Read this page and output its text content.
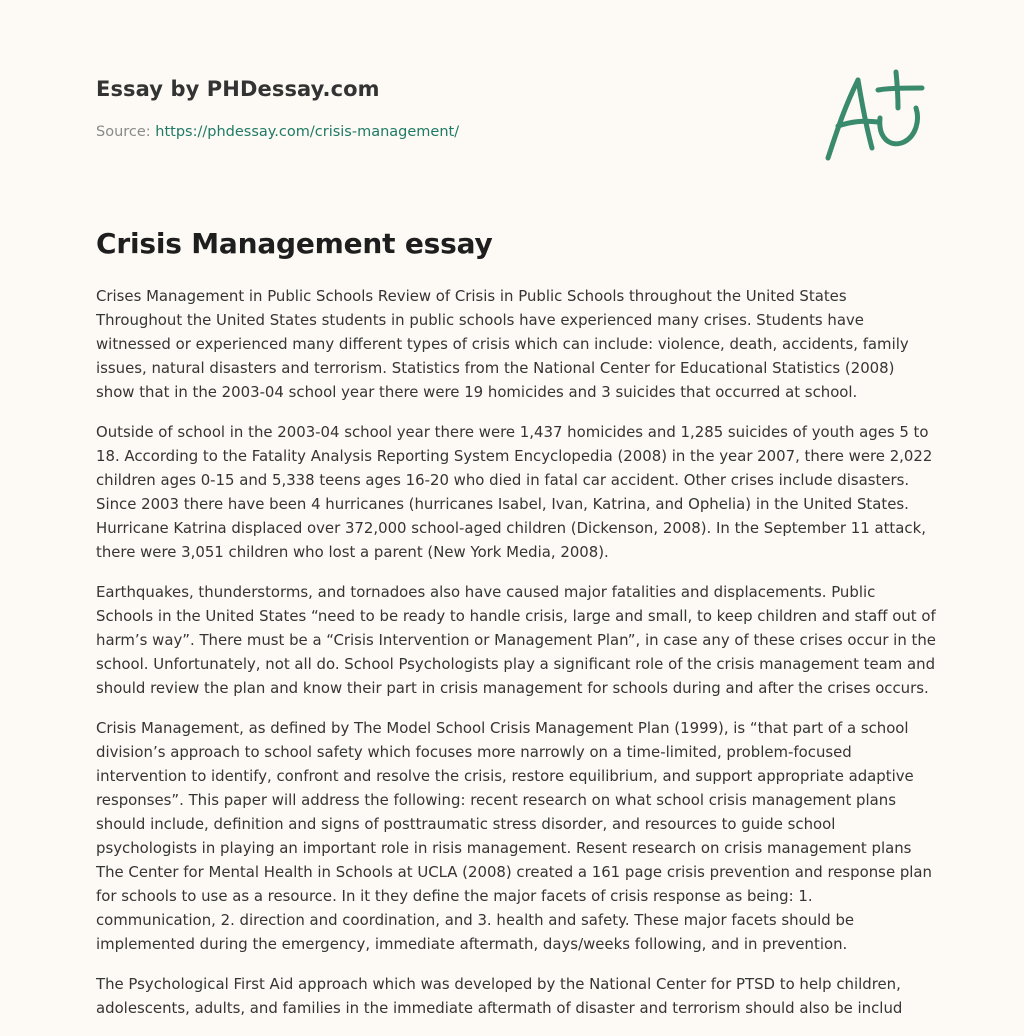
Essay by PHDessay.com
Source: https://phdessay.com/crisis-management/
Crisis Management essay

Crises Management in Public Schools Review of Crisis in Public Schools throughout the United States Throughout the United States students in public schools have experienced many crises. Students have witnessed or experienced many different types of crisis which can include: violence, death, accidents, family issues, natural disasters and terrorism. Statistics from the National Center for Educational Statistics (2008) show that in the 2003-04 school year there were 19 homicides and 3 suicides that occurred at school.

Outside of school in the 2003-04 school year there were 1,437 homicides and 1,285 suicides of youth ages 5 to 18. According to the Fatality Analysis Reporting System Encyclopedia (2008) in the year 2007, there were 2,022 children ages 0-15 and 5,338 teens ages 16-20 who died in fatal car accident. Other crises include disasters. Since 2003 there have been 4 hurricanes (hurricanes Isabel, Ivan, Katrina, and Ophelia) in the United States. Hurricane Katrina displaced over 372,000 school-aged children (Dickenson, 2008). In the September 11 attack, there were 3,051 children who lost a parent (New York Media, 2008).

Earthquakes, thunderstorms, and tornadoes also have caused major fatalities and displacements. Public Schools in the United States “need to be ready to handle crisis, large and small, to keep children and staff out of harm’s way”. There must be a “Crisis Intervention or Management Plan”, in case any of these crises occur in the school. Unfortunately, not all do. School Psychologists play a significant role of the crisis management team and should review the plan and know their part in crisis management for schools during and after the crises occurs.

Crisis Management, as defined by The Model School Crisis Management Plan (1999), is “that part of a school division’s approach to school safety which focuses more narrowly on a time-limited, problem-focused intervention to identify, confront and resolve the crisis, restore equilibrium, and support appropriate adaptive responses”. This paper will address the following: recent research on what school crisis management plans should include, definition and signs of posttraumatic stress disorder, and resources to guide school psychologists in playing an important role in risis management. Resent research on crisis management plans The Center for Mental Health in Schools at UCLA (2008) created a 161 page crisis prevention and response plan for schools to use as a resource. In it they define the major facets of crisis response as being: 1. communication, 2. direction and coordination, and 3. health and safety. These major facets should be implemented during the emergency, immediate aftermath, days/weeks following, and in prevention.

The Psychological First Aid approach which was developed by the National Center for PTSD to help children, adolescents, adults, and families in the immediate aftermath of disaster and terrorism should also be includ
